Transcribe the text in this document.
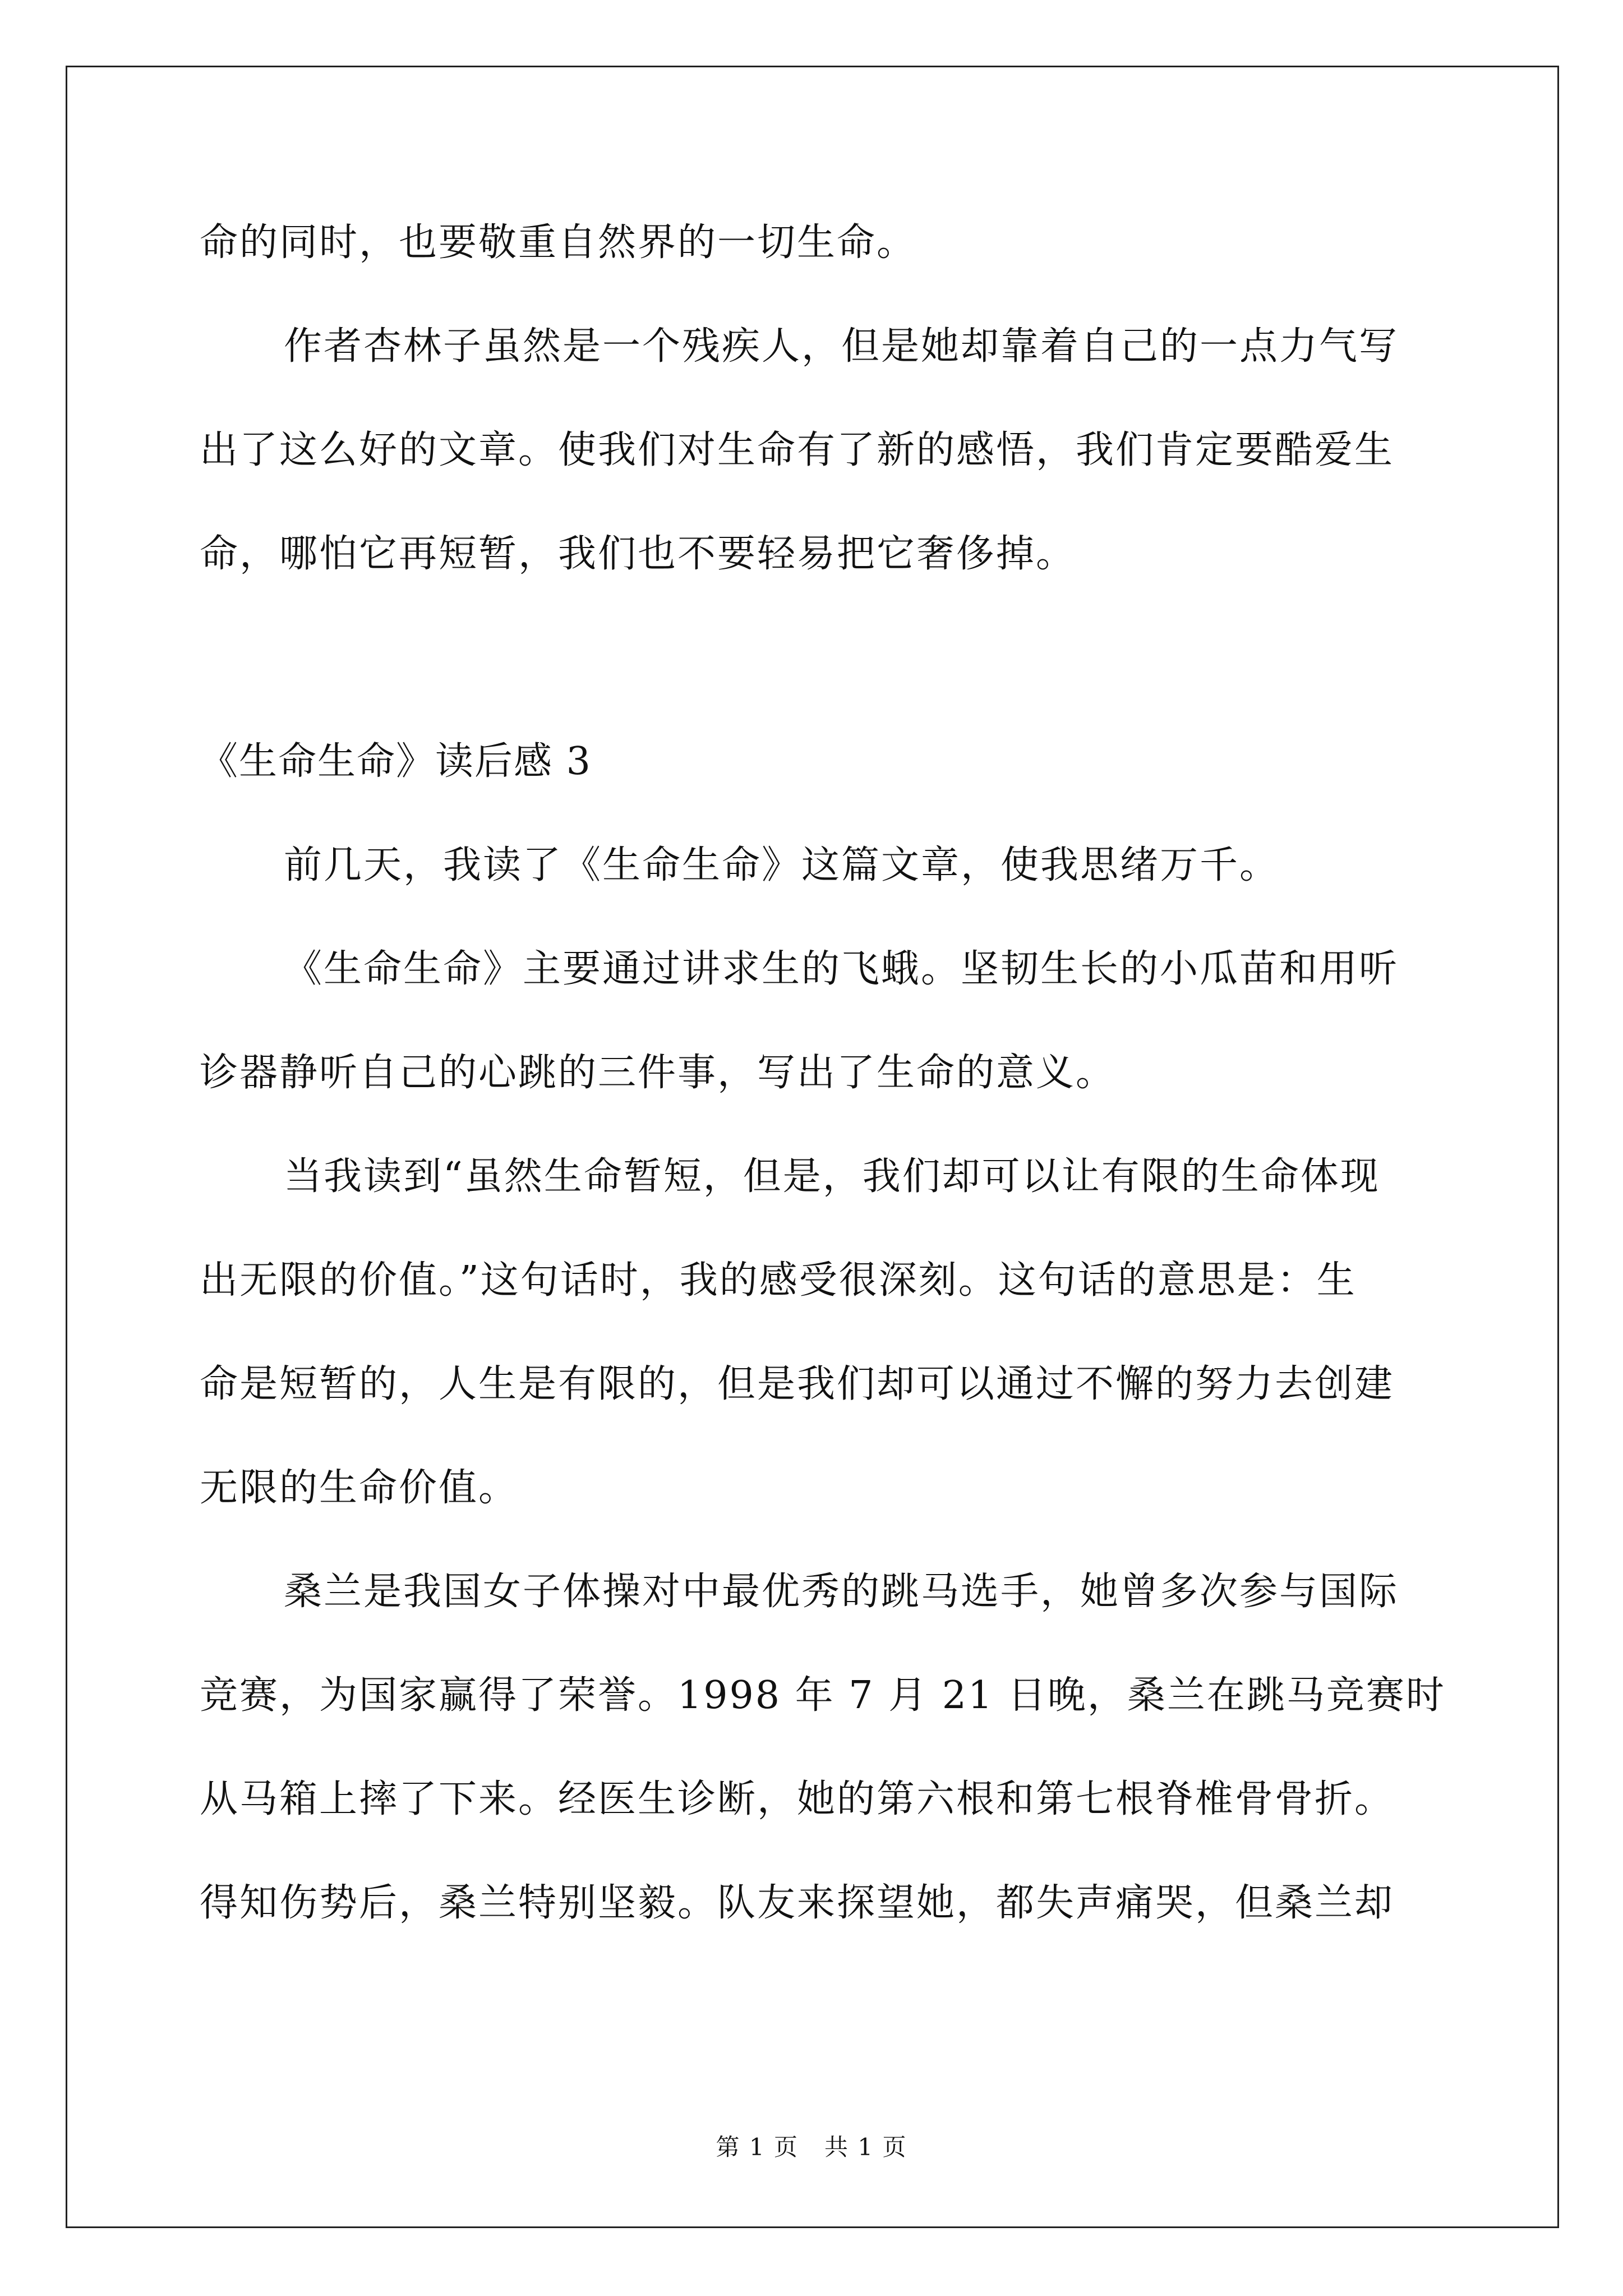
命的同时，也要敬重自然界的一切生命。
作者杏林子虽然是一个残疾人，但是她却靠着自己的一点力气写
出了这么好的文章。使我们对生命有了新的感悟，我们肯定要酷爱生
命，哪怕它再短暂，我们也不要轻易把它奢侈掉。
《生命生命》读后感 3
前几天，我读了《生命生命》这篇文章，使我思绪万千。
《生命生命》主要通过讲求生的飞蛾。坚韧生长的小瓜苗和用听
诊器静听自己的心跳的三件事，写出了生命的意义。
当我读到“虽然生命暂短，但是，我们却可以让有限的生命体现
出无限的价值。”这句话时，我的感受很深刻。这句话的意思是：生
命是短暂的，人生是有限的，但是我们却可以通过不懈的努力去创建
无限的生命价值。
桑兰是我国女子体操对中最优秀的跳马选手，她曾多次参与国际
竞赛，为国家赢得了荣誉。1998 年 7 月 21 日晚，桑兰在跳马竞赛时
从马箱上摔了下来。经医生诊断，她的第六根和第七根脊椎骨骨折。
得知伤势后，桑兰特别坚毅。队友来探望她，都失声痛哭，但桑兰却
第 1 页   共 1 页
